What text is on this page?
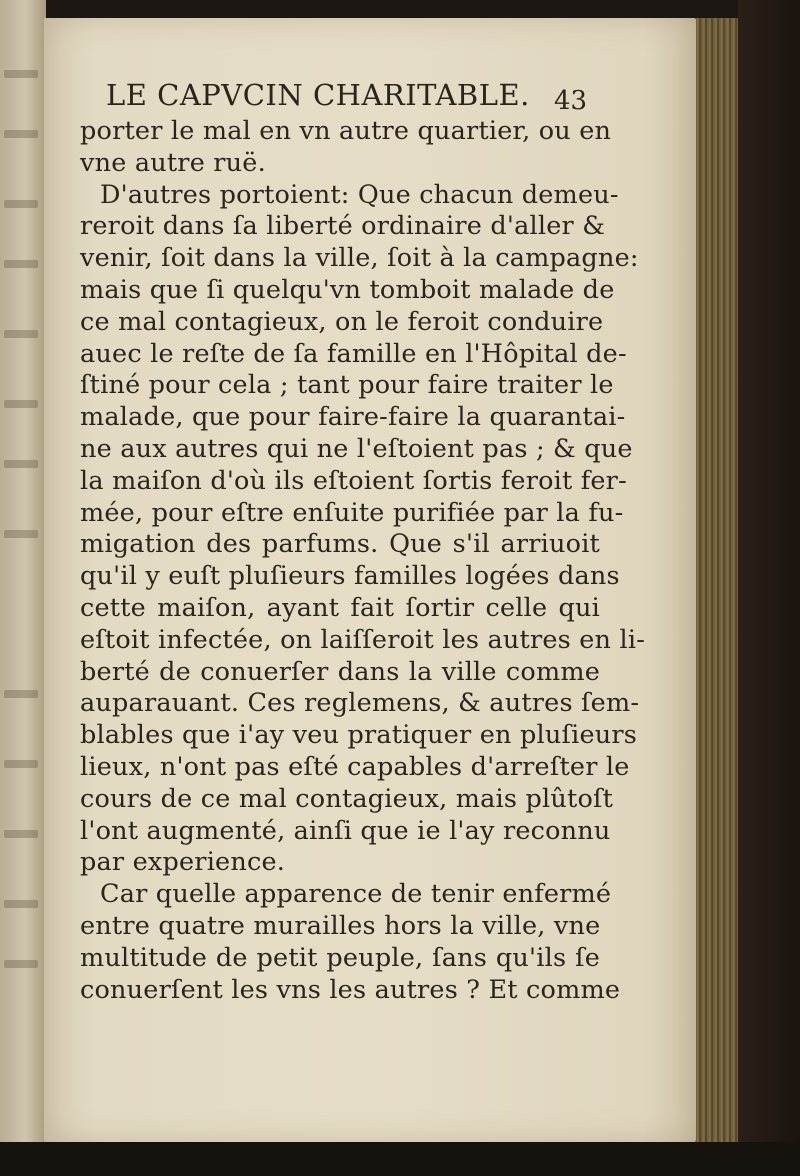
LE CAPVCIN CHARITABLE. 43
porter le mal en vn autre quartier, ou en
vne autre ruë.
D'autres portoient: Que chacun demeu-
reroit dans ſa liberté ordinaire d'aller &
venir, ſoit dans la ville, ſoit à la campagne:
mais que ſi quelqu'vn tomboit malade de
ce mal contagieux, on le feroit conduire
auec le reſte de ſa famille en l'Hôpital de-
ſtiné pour cela ; tant pour faire traiter le
malade, que pour faire-faire la quarantai-
ne aux autres qui ne l'eſtoient pas ; & que
la maiſon d'où ils eſtoient ſortis feroit fer-
mée, pour eſtre enſuite purifiée par la fu-
migation des parfums. Que s'il arriuoit
qu'il y euſt pluſieurs familles logées dans
cette maiſon, ayant fait ſortir celle qui
eſtoit infectée, on laiſſeroit les autres en li-
berté de conuerſer dans la ville comme
auparauant. Ces reglemens, & autres ſem-
blables que i'ay veu pratiquer en pluſieurs
lieux, n'ont pas eſté capables d'arreſter le
cours de ce mal contagieux, mais plûtoſt
l'ont augmenté, ainſi que ie l'ay reconnu
par experience.
Car quelle apparence de tenir enfermé
entre quatre murailles hors la ville, vne
multitude de petit peuple, ſans qu'ils ſe
conuerſent les vns les autres ? Et comme
